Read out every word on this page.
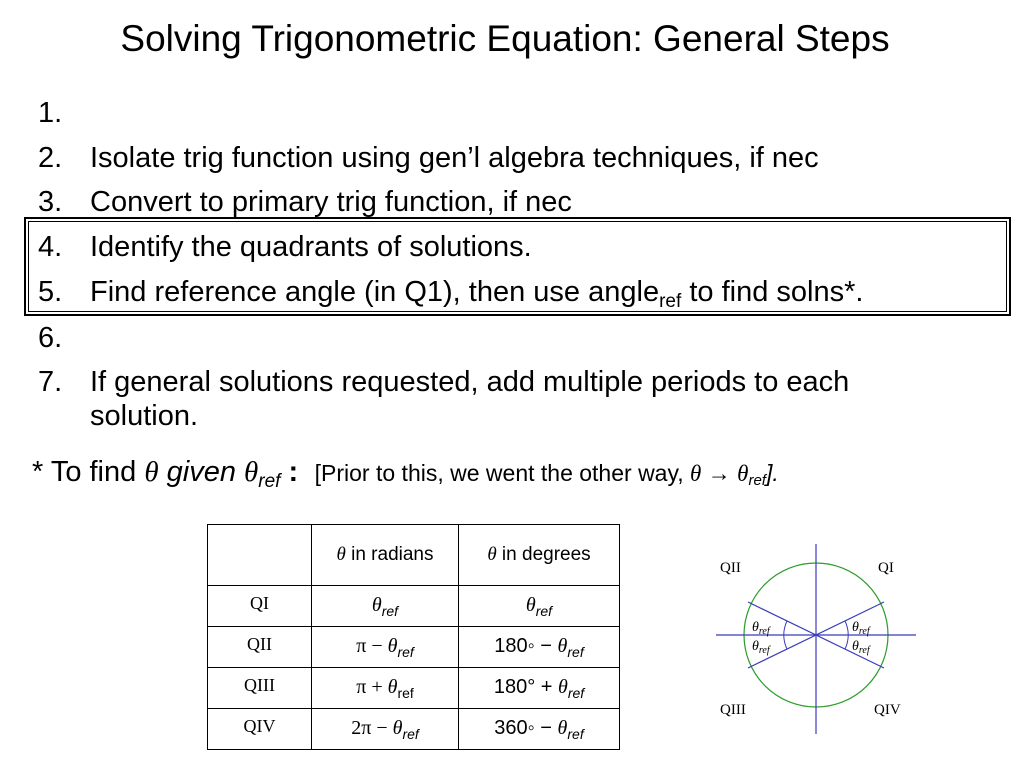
Solving Trigonometric Equation: General Steps
1.
2. Isolate trig function using gen’l algebra techniques, if nec
3. Convert to primary trig function, if nec
4. Identify the quadrants of solutions.
5. Find reference angle (in Q1), then use angle$_{ref}$ to find solns*.
6.
7. If general solutions requested, add multiple periods to each
solution.
* To find θ given θref : [Prior to this, we went the other way, θ → θref].
	θ in radians	θ in degrees
QI	$\theta_{ref}$	$\theta_{ref}$
QII	$\pi - \theta_{ref}$	180◦ − $\theta_{ref}$
QIII	$\pi + \theta_{ref}$	$180^\circ + \theta_{ref}$
QIV	$2\pi - \theta_{ref}$	360◦ − $\theta_{ref}$
QII	QI
QIII	QIV
$\theta_{ref}$
$\theta_{ref}$
$\theta_{ref}$
$\theta_{ref}$
